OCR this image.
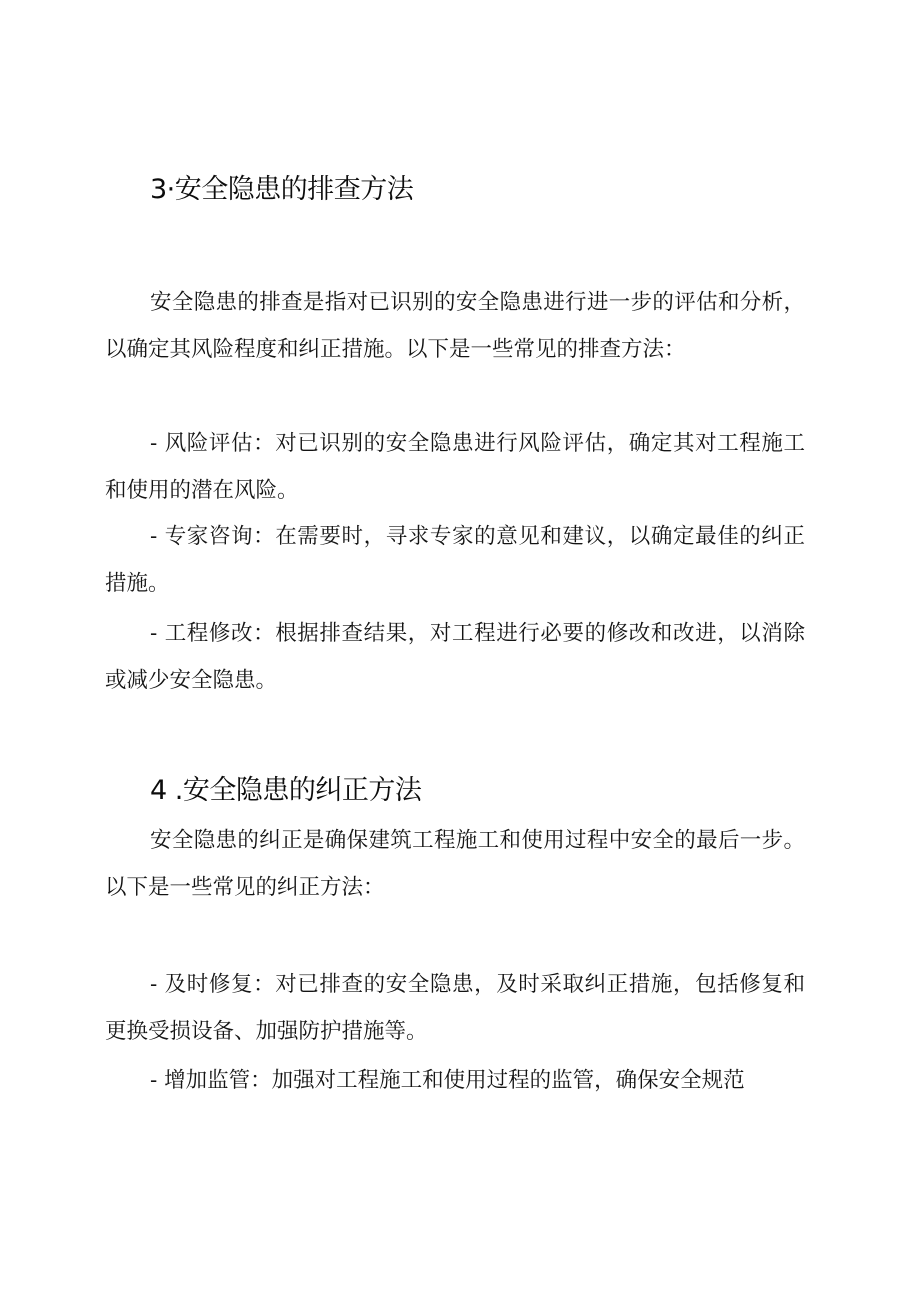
3·安全隐患的排查方法

安全隐患的排查是指对已识别的安全隐患进行进一步的评估和分析，以确定其风险程度和纠正措施。以下是一些常见的排查方法：

- 风险评估：对已识别的安全隐患进行风险评估，确定其对工程施工和使用的潜在风险。

- 专家咨询：在需要时，寻求专家的意见和建议，以确定最佳的纠正措施。

- 工程修改：根据排查结果，对工程进行必要的修改和改进，以消除或减少安全隐患。

4 .安全隐患的纠正方法

安全隐患的纠正是确保建筑工程施工和使用过程中安全的最后一步。以下是一些常见的纠正方法：

- 及时修复：对已排查的安全隐患，及时采取纠正措施，包括修复和更换受损设备、加强防护措施等。

- 增加监管：加强对工程施工和使用过程的监管，确保安全规范
